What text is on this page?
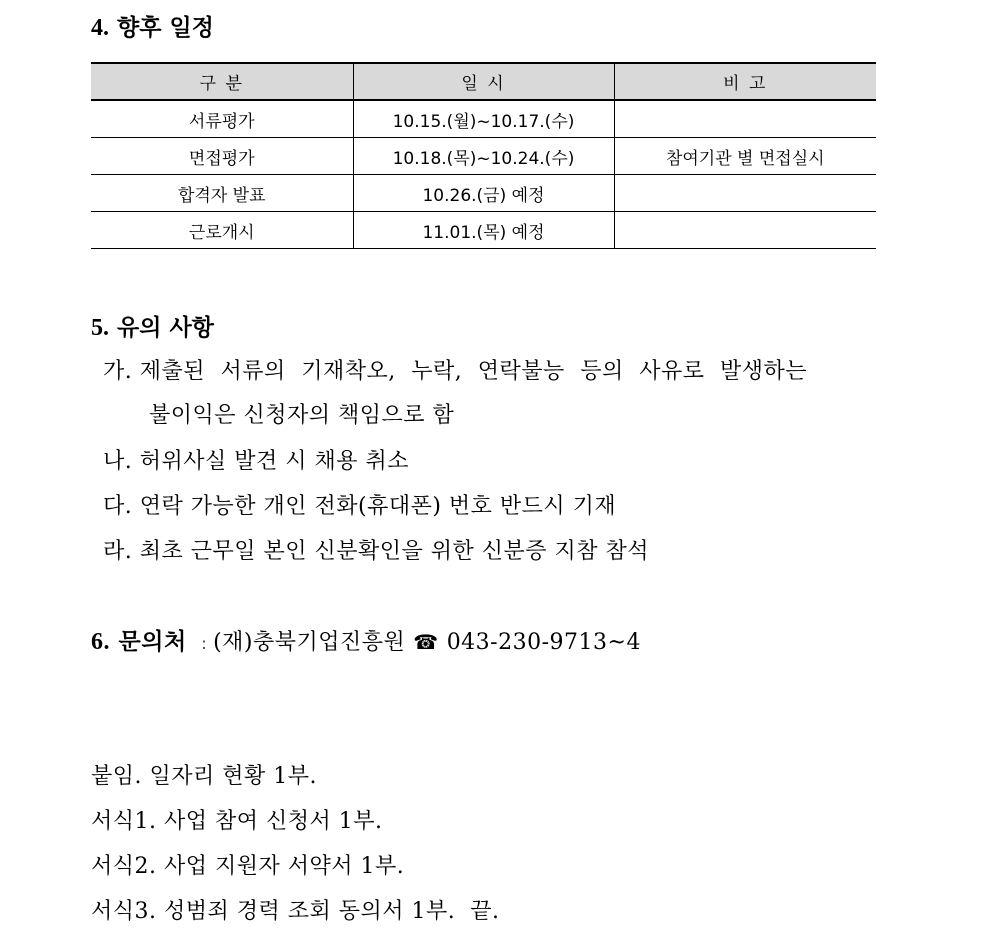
4. 향후 일정
구 분	일 시	비 고
서류평가	10.15.(월)~10.17.(수)	
면접평가	10.18.(목)~10.24.(수)	참여기관 별 면접실시
합격자 발표	10.26.(금) 예정	
근로개시	11.01.(목) 예정	
5. 유의 사항
가. 제출된 서류의 기재착오, 누락, 연락불능 등의 사유로 발생하는
불이익은 신청자의 책임으로 함
나. 허위사실 발견 시 채용 취소
다. 연락 가능한 개인 전화(휴대폰) 번호 반드시 기재
라. 최초 근무일 본인 신분확인을 위한 신분증 지참 참석
6. 문의처 : (재)충북기업진흥원 ☎ 043-230-9713~4
붙임. 일자리 현황 1부.
서식1. 사업 참여 신청서 1부.
서식2. 사업 지원자 서약서 1부.
서식3. 성범죄 경력 조회 동의서 1부.  끝.
